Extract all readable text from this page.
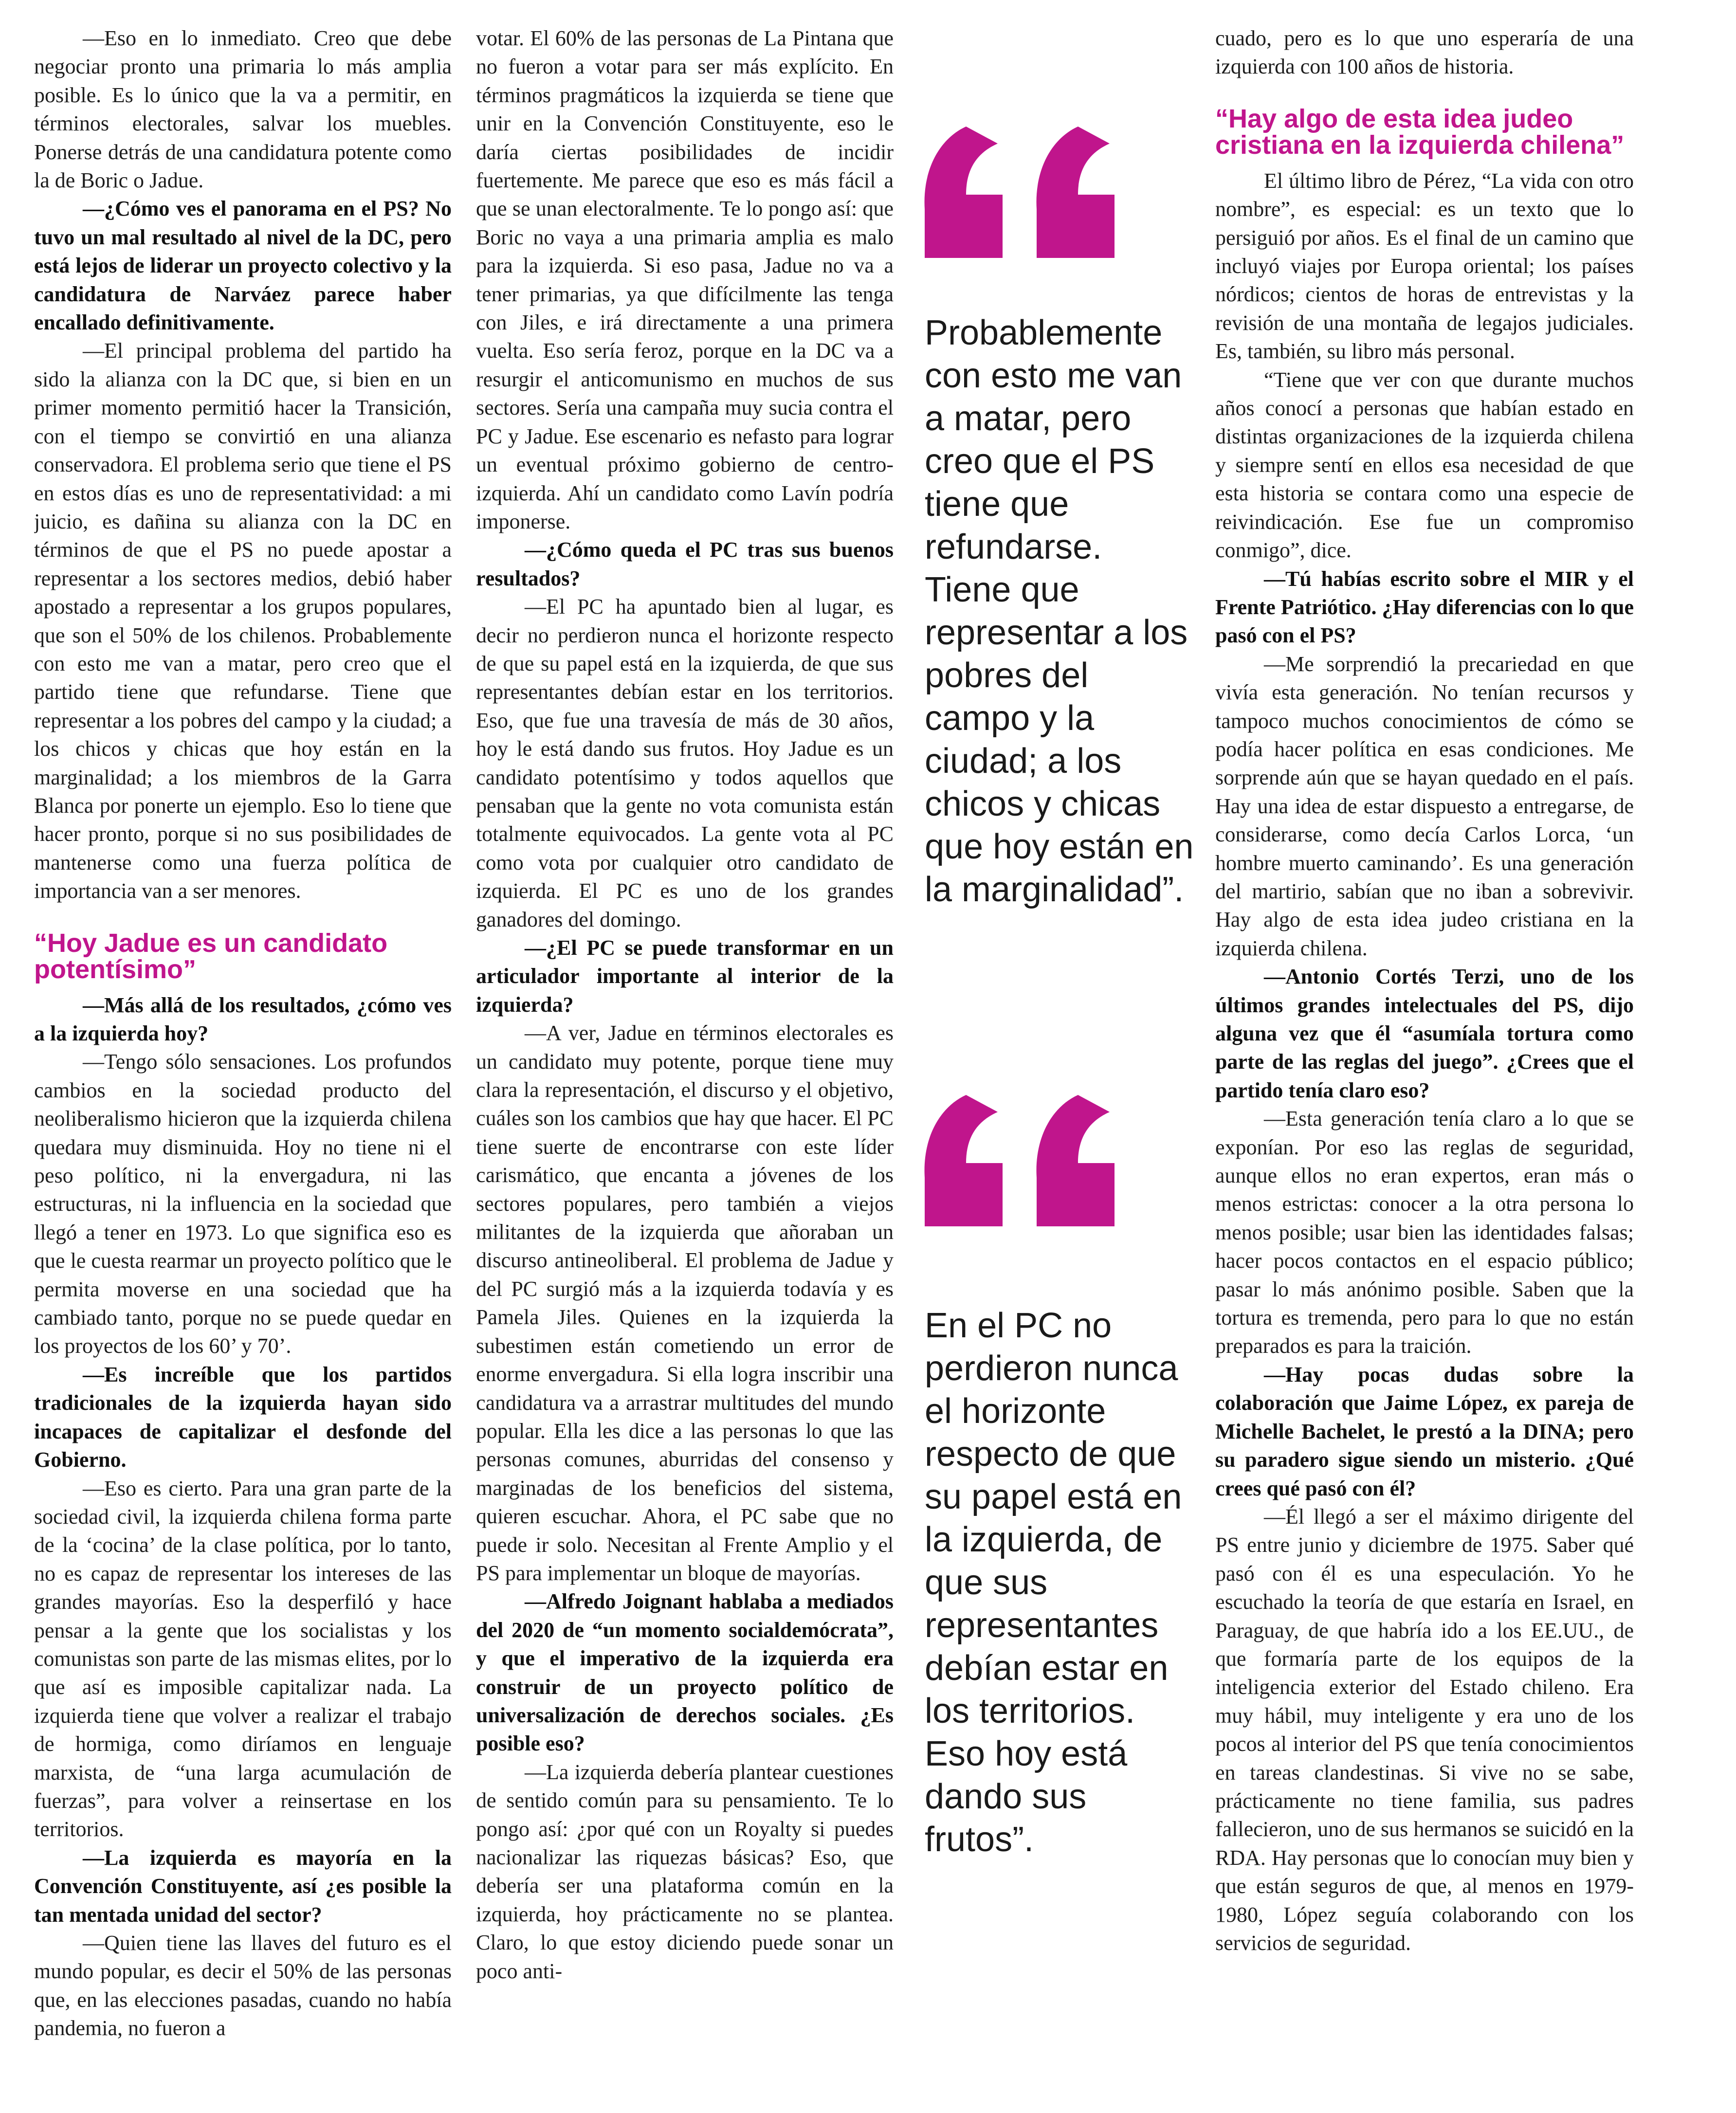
—Eso en lo inmediato. Creo que debe negociar pronto una primaria lo más amplia posible. Es lo único que la va a permitir, en términos electorales, salvar los muebles. Ponerse detrás de una candidatura potente como la de Boric o Jadue.

—¿Cómo ves el panorama en el PS? No tuvo un mal resultado al nivel de la DC, pero está lejos de liderar un proyecto colectivo y la candidatura de Narváez parece haber encallado definitivamente.

—El principal problema del partido ha sido la alianza con la DC que, si bien en un primer momento permitió hacer la Transición, con el tiempo se convirtió en una alianza conservadora. El problema serio que tiene el PS en estos días es uno de representatividad: a mi juicio, es dañina su alianza con la DC en términos de que el PS no puede apostar a representar a los sectores medios, debió haber apostado a representar a los grupos populares, que son el 50% de los chilenos. Probablemente con esto me van a matar, pero creo que el partido tiene que refundarse. Tiene que representar a los pobres del campo y la ciudad; a los chicos y chicas que hoy están en la marginalidad; a los miembros de la Garra Blanca por ponerte un ejemplo. Eso lo tiene que hacer pronto, porque si no sus posibilidades de mantenerse como una fuerza política de importancia van a ser menores.

“Hoy Jadue es un candidato potentísimo”

—Más allá de los resultados, ¿cómo ves a la izquierda hoy?

—Tengo sólo sensaciones. Los profundos cambios en la sociedad producto del neoliberalismo hicieron que la izquierda chilena quedara muy disminuida. Hoy no tiene ni el peso político, ni la envergadura, ni las estructuras, ni la influencia en la sociedad que llegó a tener en 1973. Lo que significa eso es que le cuesta rearmar un proyecto político que le permita moverse en una sociedad que ha cambiado tanto, porque no se puede quedar en los proyectos de los 60’ y 70’.

—Es increíble que los partidos tradicionales de la izquierda hayan sido incapaces de capitalizar el desfonde del Gobierno.

—Eso es cierto. Para una gran parte de la sociedad civil, la izquierda chilena forma parte de la ‘cocina’ de la clase política, por lo tanto, no es capaz de representar los intereses de las grandes mayorías. Eso la desperfiló y hace pensar a la gente que los socialistas y los comunistas son parte de las mismas elites, por lo que así es imposible capitalizar nada. La izquierda tiene que volver a realizar el trabajo de hormiga, como diríamos en lenguaje marxista, de “una larga acumulación de fuerzas”, para volver a reinsertase en los territorios.

—La izquierda es mayoría en la Convención Constituyente, así ¿es posible la tan mentada unidad del sector?

—Quien tiene las llaves del futuro es el mundo popular, es decir el 50% de las personas que, en las elecciones pasadas, cuando no había pandemia, no fueron a

votar. El 60% de las personas de La Pintana que no fueron a votar para ser más explícito. En términos pragmáticos la izquierda se tiene que unir en la Convención Constituyente, eso le daría ciertas posibilidades de incidir fuertemente. Me parece que eso es más fácil a que se unan electoralmente. Te lo pongo así: que Boric no vaya a una primaria amplia es malo para la izquierda. Si eso pasa, Jadue no va a tener primarias, ya que difícilmente las tenga con Jiles, e irá directamente a una primera vuelta. Eso sería feroz, porque en la DC va a resurgir el anticomunismo en muchos de sus sectores. Sería una campaña muy sucia contra el PC y Jadue. Ese escenario es nefasto para lograr un eventual próximo gobierno de centro- izquierda. Ahí un candidato como Lavín podría imponerse.

—¿Cómo queda el PC tras sus buenos resultados?

—El PC ha apuntado bien al lugar, es decir no perdieron nunca el horizonte respecto de que su papel está en la izquierda, de que sus representantes debían estar en los territorios. Eso, que fue una travesía de más de 30 años, hoy le está dando sus frutos. Hoy Jadue es un candidato potentísimo y todos aquellos que pensaban que la gente no vota comunista están totalmente equivocados. La gente vota al PC como vota por cualquier otro candidato de izquierda. El PC es uno de los grandes ganadores del domingo.

—¿El PC se puede transformar en un articulador importante al interior de la izquierda?

—A ver, Jadue en términos electorales es un candidato muy potente, porque tiene muy clara la representación, el discurso y el objetivo, cuáles son los cambios que hay que hacer. El PC tiene suerte de encontrarse con este líder carismático, que encanta a jóvenes de los sectores populares, pero también a viejos militantes de la izquierda que añoraban un discurso antineoliberal. El problema de Jadue y del PC surgió más a la izquierda todavía y es Pamela Jiles. Quienes en la izquierda la subestimen están cometiendo un error de enorme envergadura. Si ella logra inscribir una candidatura va a arrastrar multitudes del mundo popular. Ella les dice a las personas lo que las personas comunes, aburridas del consenso y marginadas de los beneficios del sistema, quieren escuchar. Ahora, el PC sabe que no puede ir solo. Necesitan al Frente Amplio y el PS para implementar un bloque de mayorías.

—Alfredo Joignant hablaba a mediados del 2020 de “un momento socialdemócrata”, y que el imperativo de la izquierda era construir de un proyecto político de universalización de derechos sociales. ¿Es posible eso?

—La izquierda debería plantear cuestiones de sentido común para su pensamiento. Te lo pongo así: ¿por qué con un Royalty si puedes nacionalizar las riquezas básicas? Eso, que debería ser una plataforma común en la izquierda, hoy prácticamente no se plantea. Claro, lo que estoy diciendo puede sonar un poco anti-

Probablemente con esto me van a matar, pero creo que el PS tiene que refundarse. Tiene que representar a los pobres del campo y la ciudad; a los chicos y chicas que hoy están en la marginalidad”.
En el PC no perdieron nunca el horizonte respecto de que su papel está en la izquierda, de que sus representantes debían estar en los territorios. Eso hoy está dando sus frutos”.

cuado, pero es lo que uno esperaría de una izquierda con 100 años de historia.

“Hay algo de esta idea judeo cristiana en la izquierda chilena”

El último libro de Pérez, “La vida con otro nombre”, es especial: es un texto que lo persiguió por años. Es el final de un camino que incluyó viajes por Europa oriental; los países nórdicos; cientos de horas de entrevistas y la revisión de una montaña de legajos judiciales. Es, también, su libro más personal.

“Tiene que ver con que durante muchos años conocí a personas que habían estado en distintas organizaciones de la izquierda chilena y siempre sentí en ellos esa necesidad de que esta historia se contara como una especie de reivindicación. Ese fue un compromiso conmigo”, dice.

—Tú habías escrito sobre el MIR y el Frente Patriótico. ¿Hay diferencias con lo que pasó con el PS?

—Me sorprendió la precariedad en que vivía esta generación. No tenían recursos y tampoco muchos conocimientos de cómo se podía hacer política en esas condiciones. Me sorprende aún que se hayan quedado en el país. Hay una idea de estar dispuesto a entregarse, de considerarse, como decía Carlos Lorca, ‘un hombre muerto caminando’. Es una generación del martirio, sabían que no iban a sobrevivir. Hay algo de esta idea judeo cristiana en la izquierda chilena.

—Antonio Cortés Terzi, uno de los últimos grandes intelectuales del PS, dijo alguna vez que él “asumíala tortura como parte de las reglas del juego”. ¿Crees que el partido tenía claro eso?

—Esta generación tenía claro a lo que se exponían. Por eso las reglas de seguridad, aunque ellos no eran expertos, eran más o menos estrictas: conocer a la otra persona lo menos posible; usar bien las identidades falsas; hacer pocos contactos en el espacio público; pasar lo más anónimo posible. Saben que la tortura es tremenda, pero para lo que no están preparados es para la traición.

—Hay pocas dudas sobre la colaboración que Jaime López, ex pareja de Michelle Bachelet, le prestó a la DINA; pero su paradero sigue siendo un misterio. ¿Qué crees qué pasó con él?

—Él llegó a ser el máximo dirigente del PS entre junio y diciembre de 1975. Saber qué pasó con él es una especulación. Yo he escuchado la teoría de que estaría en Israel, en Paraguay, de que habría ido a los EE.UU., de que formaría parte de los equipos de la inteligencia exterior del Estado chileno. Era muy hábil, muy inteligente y era uno de los pocos al interior del PS que tenía conocimientos en tareas clandestinas. Si vive no se sabe, prácticamente no tiene familia, sus padres fallecieron, uno de sus hermanos se suicidó en la RDA. Hay personas que lo conocían muy bien y que están seguros de que, al menos en 1979-1980, López seguía colaborando con los servicios de seguridad.
